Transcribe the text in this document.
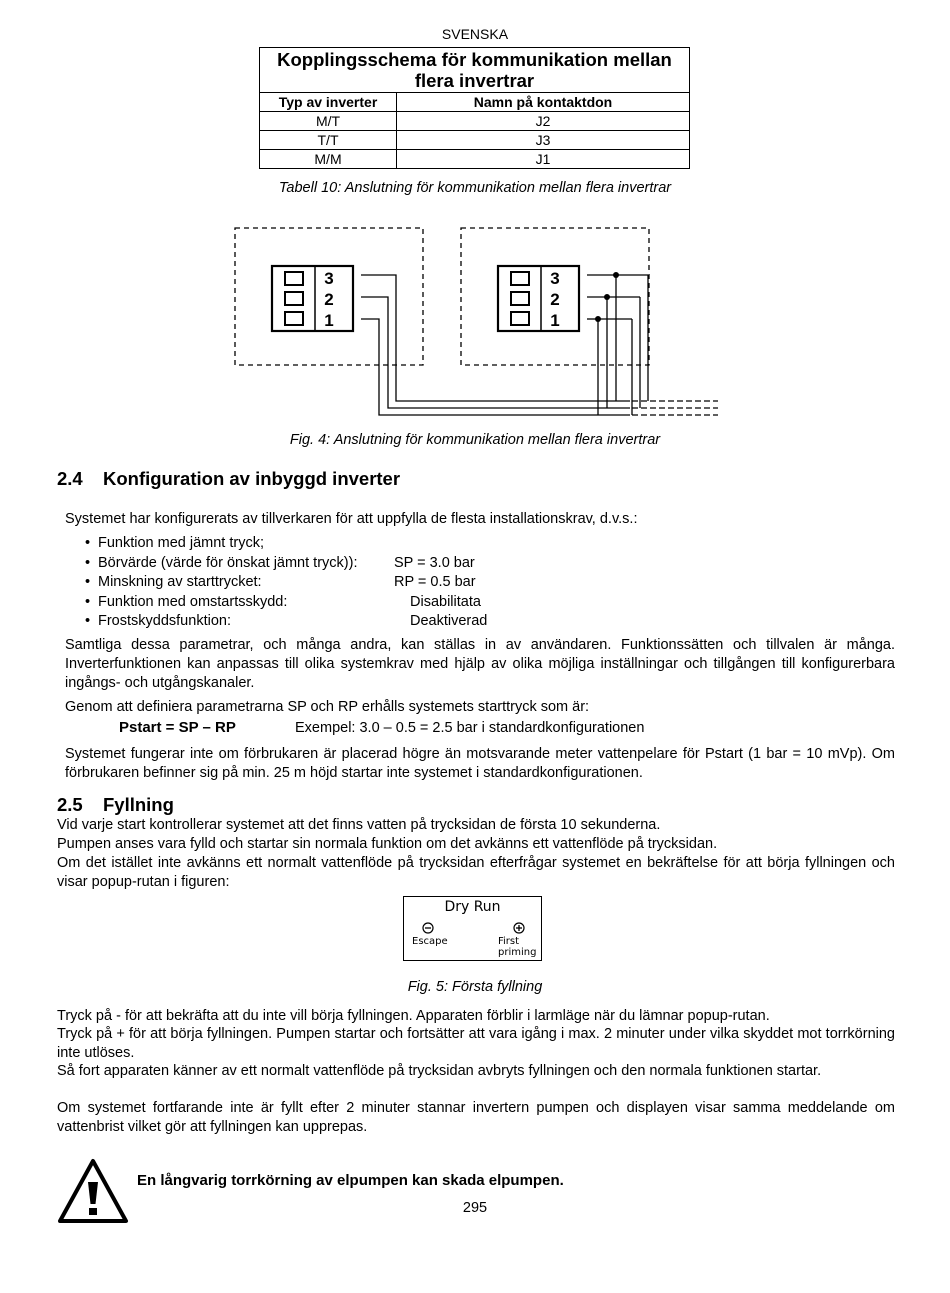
SVENSKA
Kopplingsschema för kommunikation mellan flera invertrar
Typ av inverter	Namn på kontaktdon
M/T	J2
T/T	J3
M/M	J1
Tabell 10: Anslutning för kommunikation mellan flera invertrar
3
2
1
3
2
1
Fig. 4: Anslutning för kommunikation mellan flera invertrar
2.4 Konfiguration av inbyggd inverter
Systemet har konfigurerats av tillverkaren för att uppfylla de flesta installationskrav, d.v.s.:
• Funktion med jämnt tryck;
• Börvärde (värde för önskat jämnt tryck)):	SP = 3.0 bar
• Minskning av starttrycket:	RP = 0.5 bar
• Funktion med omstartsskydd:	Disabilitata
• Frostskyddsfunktion:	Deaktiverad
Samtliga dessa parametrar, och många andra, kan ställas in av användaren. Funktionssätten och tillvalen är många. Inverterfunktionen kan anpassas till olika systemkrav med hjälp av olika möjliga inställningar och tillgången till konfigurerbara ingångs- och utgångskanaler.
Genom att definiera parametrarna SP och RP erhålls systemets starttryck som är:
Pstart = SP – RP	Exempel: 3.0 – 0.5 = 2.5 bar i standardkonfigurationen
Systemet fungerar inte om förbrukaren är placerad högre än motsvarande meter vattenpelare för Pstart (1 bar = 10 mVp). Om förbrukaren befinner sig på min. 25 m höjd startar inte systemet i standardkonfigurationen.
2.5 Fyllning
Vid varje start kontrollerar systemet att det finns vatten på trycksidan de första 10 sekunderna.
Pumpen anses vara fylld och startar sin normala funktion om det avkänns ett vattenflöde på trycksidan.
Om det istället inte avkänns ett normalt vattenflöde på trycksidan efterfrågar systemet en bekräftelse för att börja fyllningen och visar popup-rutan i figuren:
Dry Run
Escape	First
priming
Fig. 5: Första fyllning
Tryck på - för att bekräfta att du inte vill börja fyllningen. Apparaten förblir i larmläge när du lämnar popup-rutan.
Tryck på + för att börja fyllningen. Pumpen startar och fortsätter att vara igång i max. 2 minuter under vilka skyddet mot torrkörning inte utlöses.
Så fort apparaten känner av ett normalt vattenflöde på trycksidan avbryts fyllningen och den normala funktionen startar.
Om systemet fortfarande inte är fyllt efter 2 minuter stannar invertern pumpen och displayen visar samma meddelande om vattenbrist vilket gör att fyllningen kan upprepas.
En långvarig torrkörning av elpumpen kan skada elpumpen.
295
